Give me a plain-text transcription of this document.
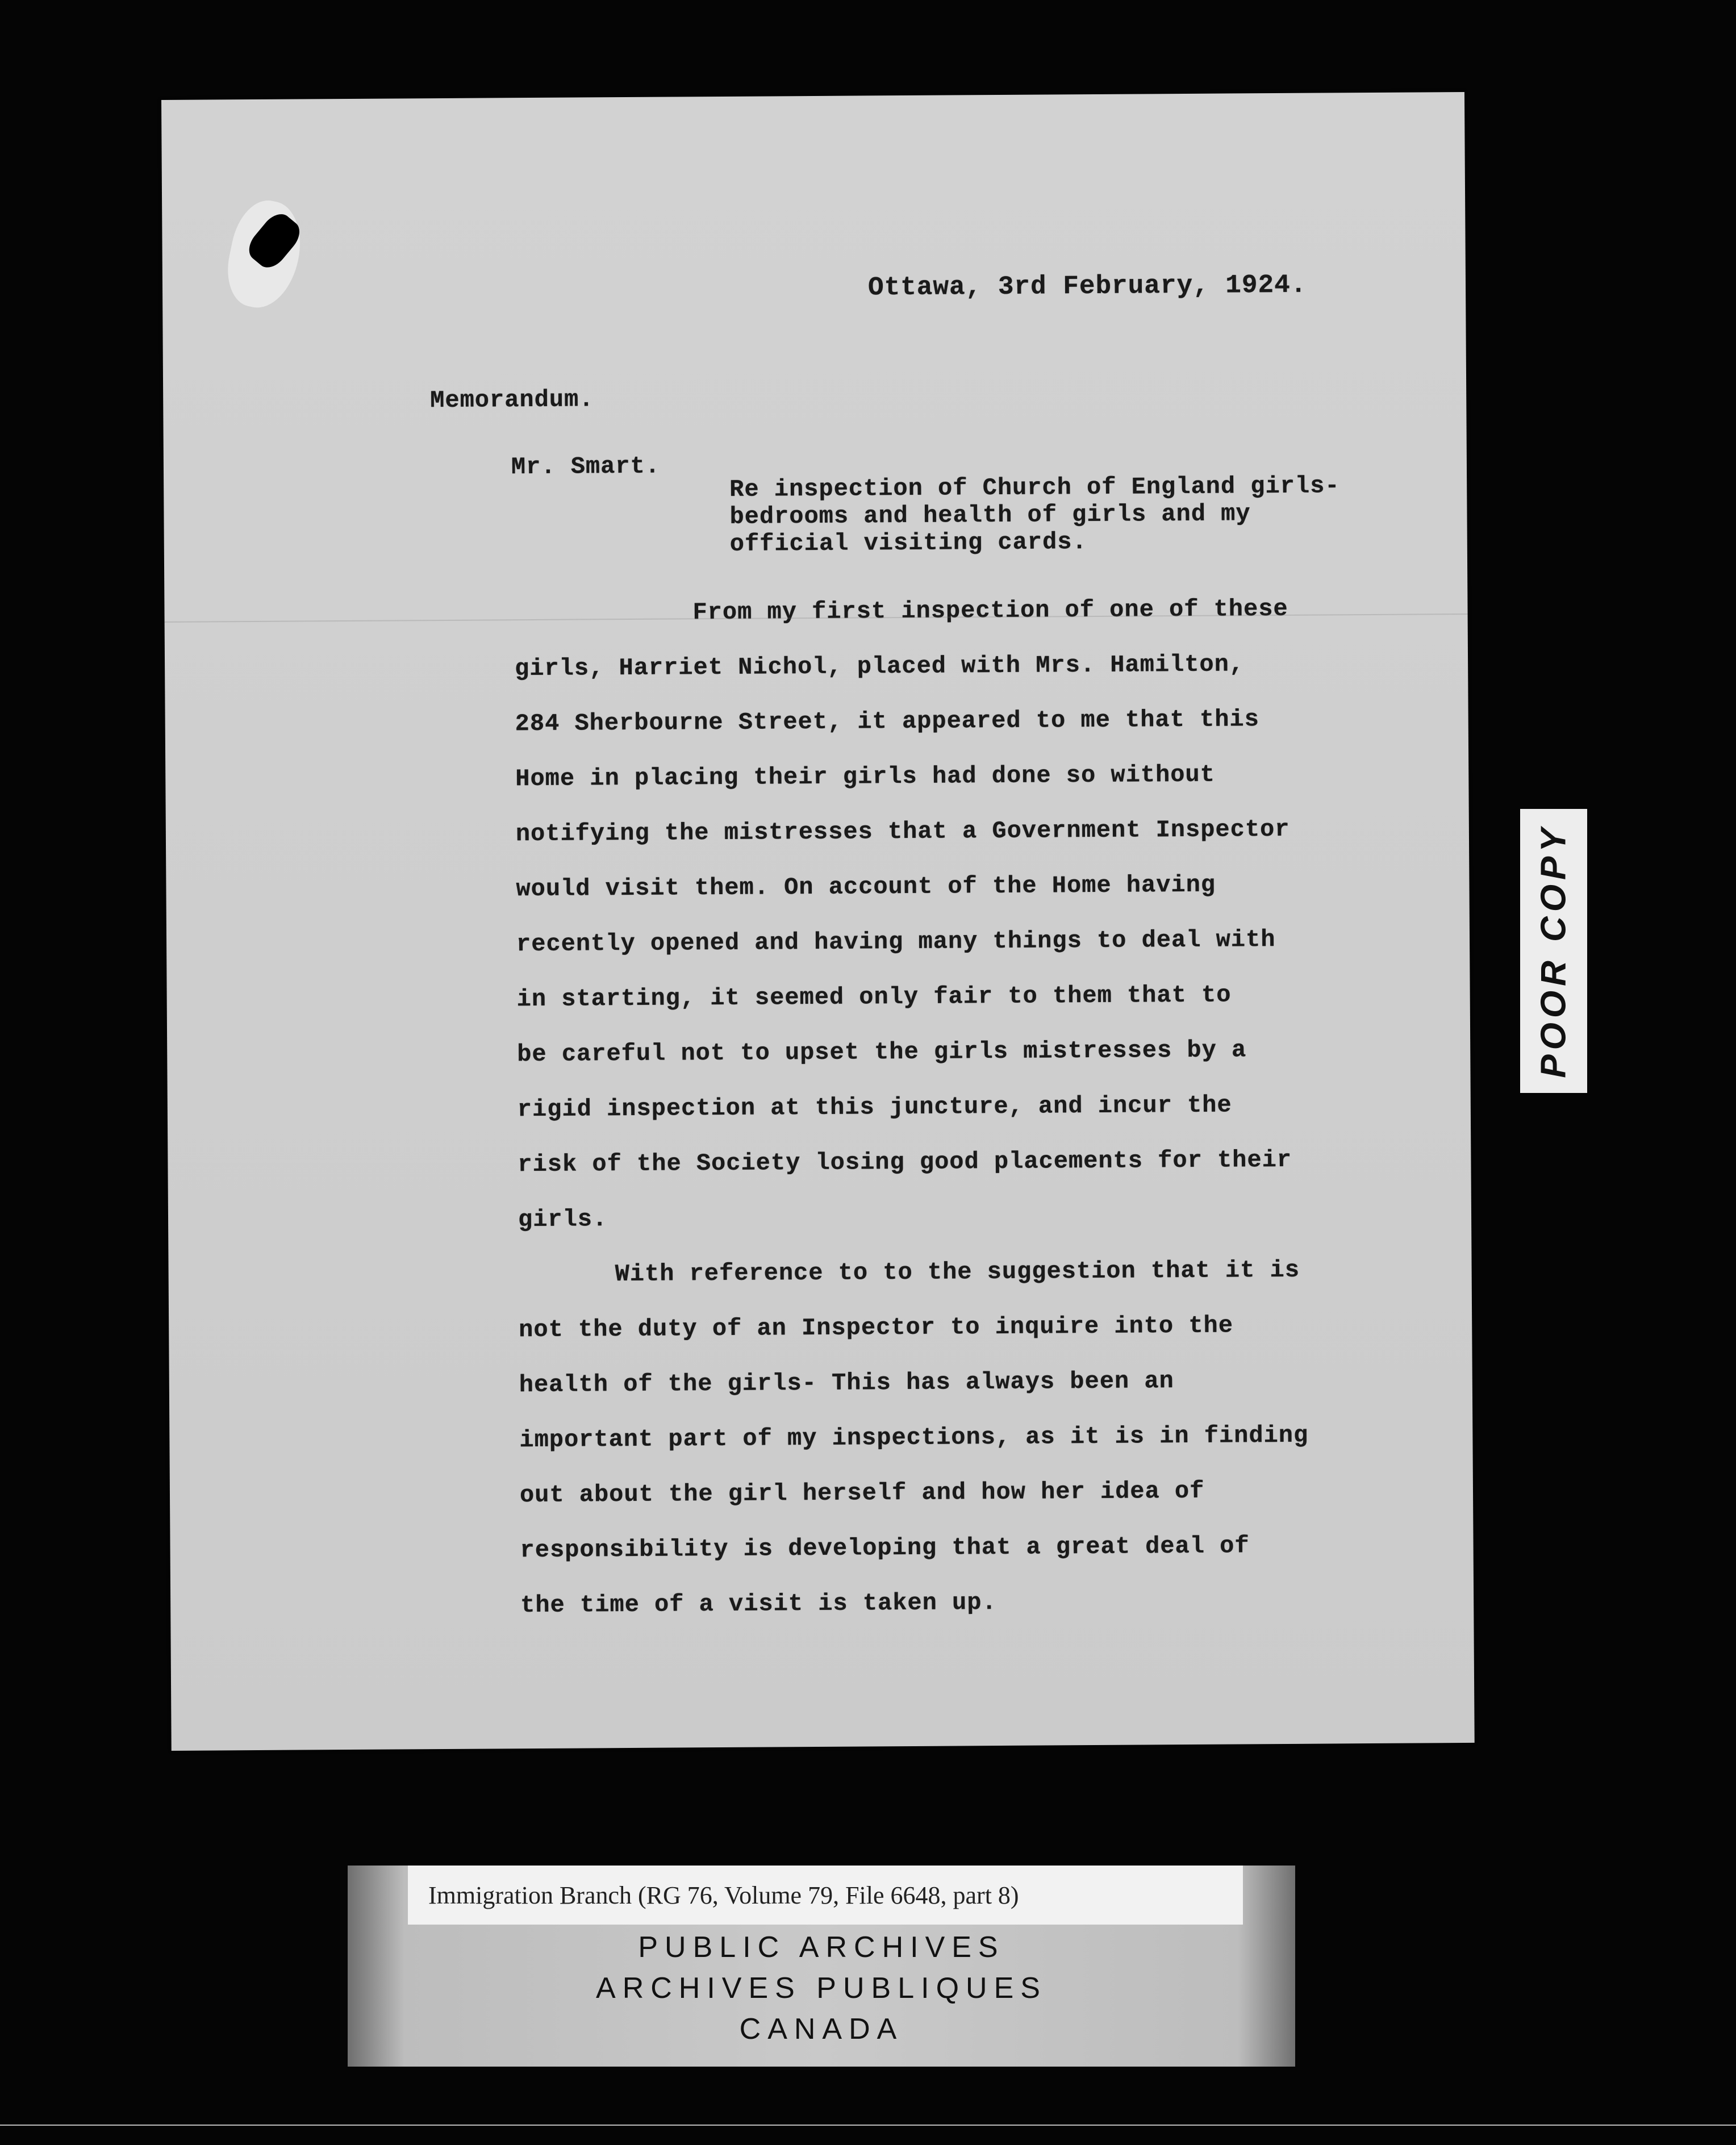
Ottawa, 3rd February, 1924.
Memorandum.
Mr. Smart.
Re inspection of Church of England girls-
bedrooms and health of girls and my
official visiting cards.
From my first inspection of one of these
girls, Harriet Nichol, placed with Mrs. Hamilton,
284 Sherbourne Street, it appeared to me that this
Home in placing their girls had done so without
notifying the mistresses that a Government Inspector
would visit them. On account of the Home having
recently opened and having many things to deal with
in starting, it seemed only fair to them that to
be careful not to upset the girls mistresses by a
rigid inspection at this juncture, and incur the
risk of the Society losing good placements for their
girls.
With reference to to the suggestion that it is
not the duty of an Inspector to inquire into the
health of the girls- This has always been an
important part of my inspections, as it is in finding
out about the girl herself and how her idea of
responsibility is developing that a great deal of
the time of a visit is taken up.
POOR COPY
Immigration Branch (RG 76, Volume 79, File 6648, part 8)
PUBLIC ARCHIVES
ARCHIVES PUBLIQUES
CANADA
